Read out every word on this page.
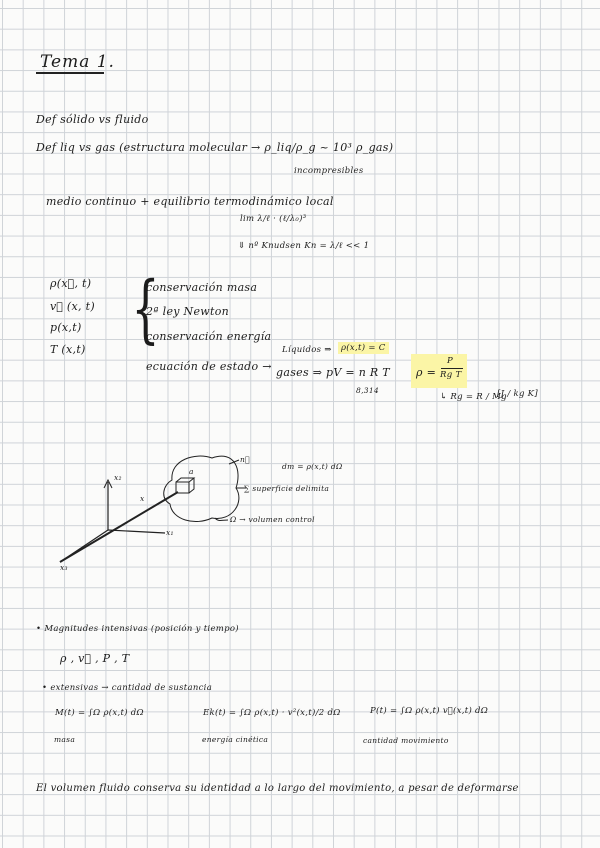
Tema 1.
Def sólido vs fluido
Def liq vs gas (estructura molecular → ρ_liq/ρ_g ~ 10³ ρ_gas)
incompresibles
medio continuo + equilibrio termodinámico local
lim λ/ℓ · (ℓ/λ₀)³
⇓ nº Knudsen Kn = λ/ℓ << 1
ρ(x⃗, t)
v⃗ (x, t)
p(x,t)
T (x,t) {
conservación masa
2ª ley Newton
conservación energía
ecuación de estado →
Líquidos ⇒	ρ(x,t) = C
gases ⇒ pV = n R T
8,314
ρ =
P
Rg T
↳ Rg = R / Mg
[J / kg K]
n⃗
dm = ρ(x,t) dΩ
∑ superficie delimita
Ω → volumen control
a
x
x₁
x₂
x₃
• Magnitudes intensivas (posición y tiempo)
ρ , v⃗ , P , T
• extensivas → cantidad de sustancia
M(t) = ∫Ω ρ(x,t) dΩ
masa
Ek(t) = ∫Ω ρ(x,t) · v²(x,t)/2 dΩ
energía cinética
P(t) = ∫Ω ρ(x,t) v⃗(x,t) dΩ
cantidad movimiento
El volumen fluido conserva su identidad a lo largo del movimiento, a pesar de deformarse
